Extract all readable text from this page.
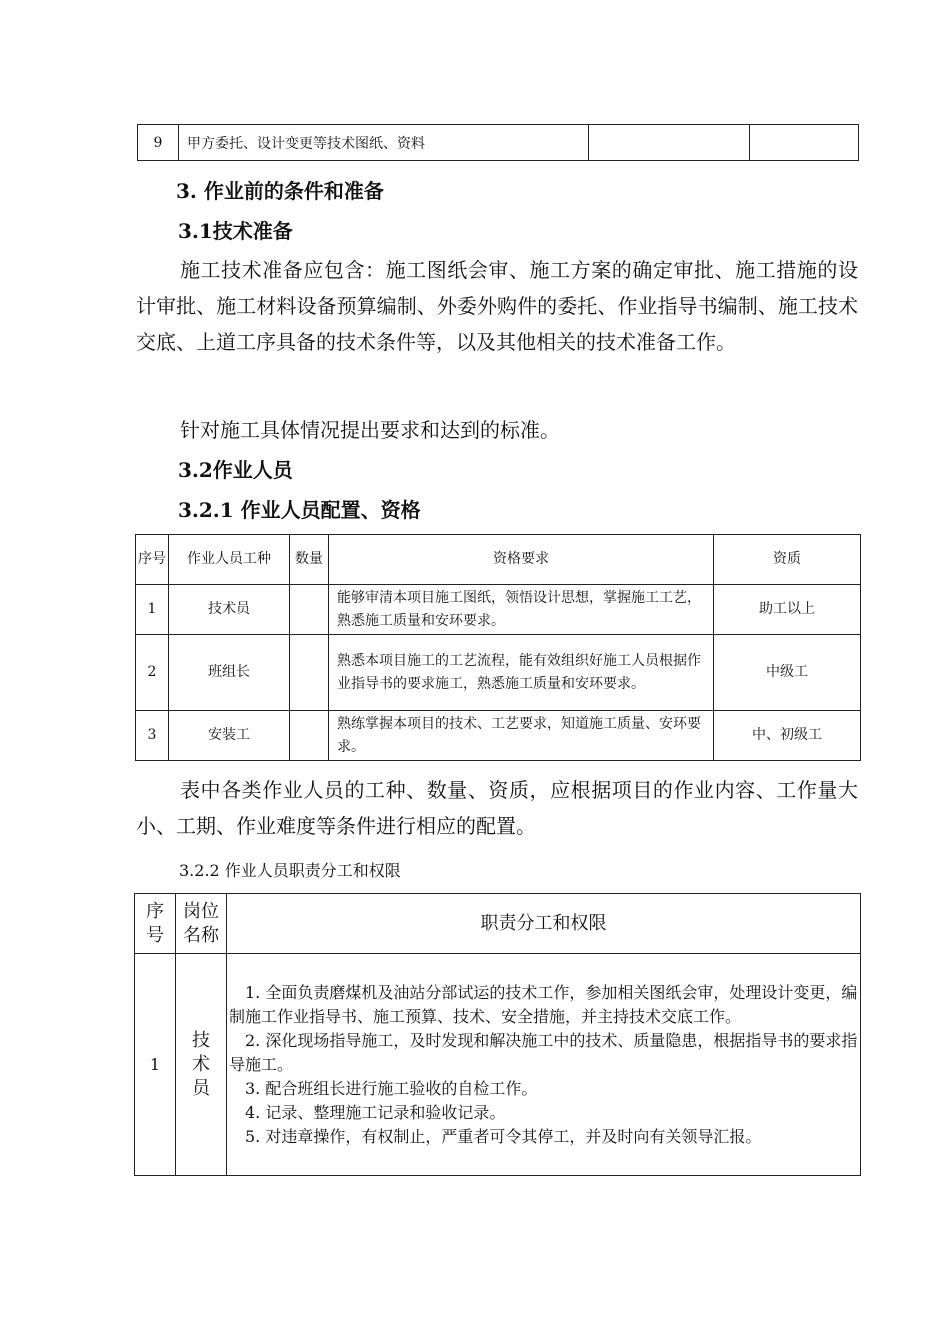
9	甲方委托、设计变更等技术图纸、资料		
3. 作业前的条件和准备
3.1技术准备

施工技术准备应包含：施工图纸会审、施工方案的确定审批、施工措施的设计审批、施工材料设备预算编制、外委外购件的委托、作业指导书编制、施工技术交底、上道工序具备的技术条件等，以及其他相关的技术准备工作。

针对施工具体情况提出要求和达到的标准。

3.2作业人员
3.2.1 作业人员配置、资格
序号	作业人员工种	数量	资格要求	资质
1	技术员		能够审清本项目施工图纸，领悟设计思想，掌握施工工艺，熟悉施工质量和安环要求。	助工以上
2	班组长		熟悉本项目施工的工艺流程，能有效组织好施工人员根据作业指导书的要求施工，熟悉施工质量和安环要求。	中级工
3	安装工		熟练掌握本项目的技术、工艺要求，知道施工质量、安环要求。	中、初级工

表中各类作业人员的工种、数量、资质，应根据项目的作业内容、工作量大小、工期、作业难度等条件进行相应的配置。

3.2.2 作业人员职责分工和权限
序号	岗位名称	职责分工和权限
1	技术员	1. 全面负责磨煤机及油站分部试运的技术工作，参加相关图纸会审，处理设计变更，编制施工作业指导书、施工预算、技术、安全措施，并主持技术交底工作。
2. 深化现场指导施工，及时发现和解决施工中的技术、质量隐患，根据指导书的要求指导施工。
3. 配合班组长进行施工验收的自检工作。
4. 记录、整理施工记录和验收记录。
5. 对违章操作，有权制止，严重者可令其停工，并及时向有关领导汇报。
